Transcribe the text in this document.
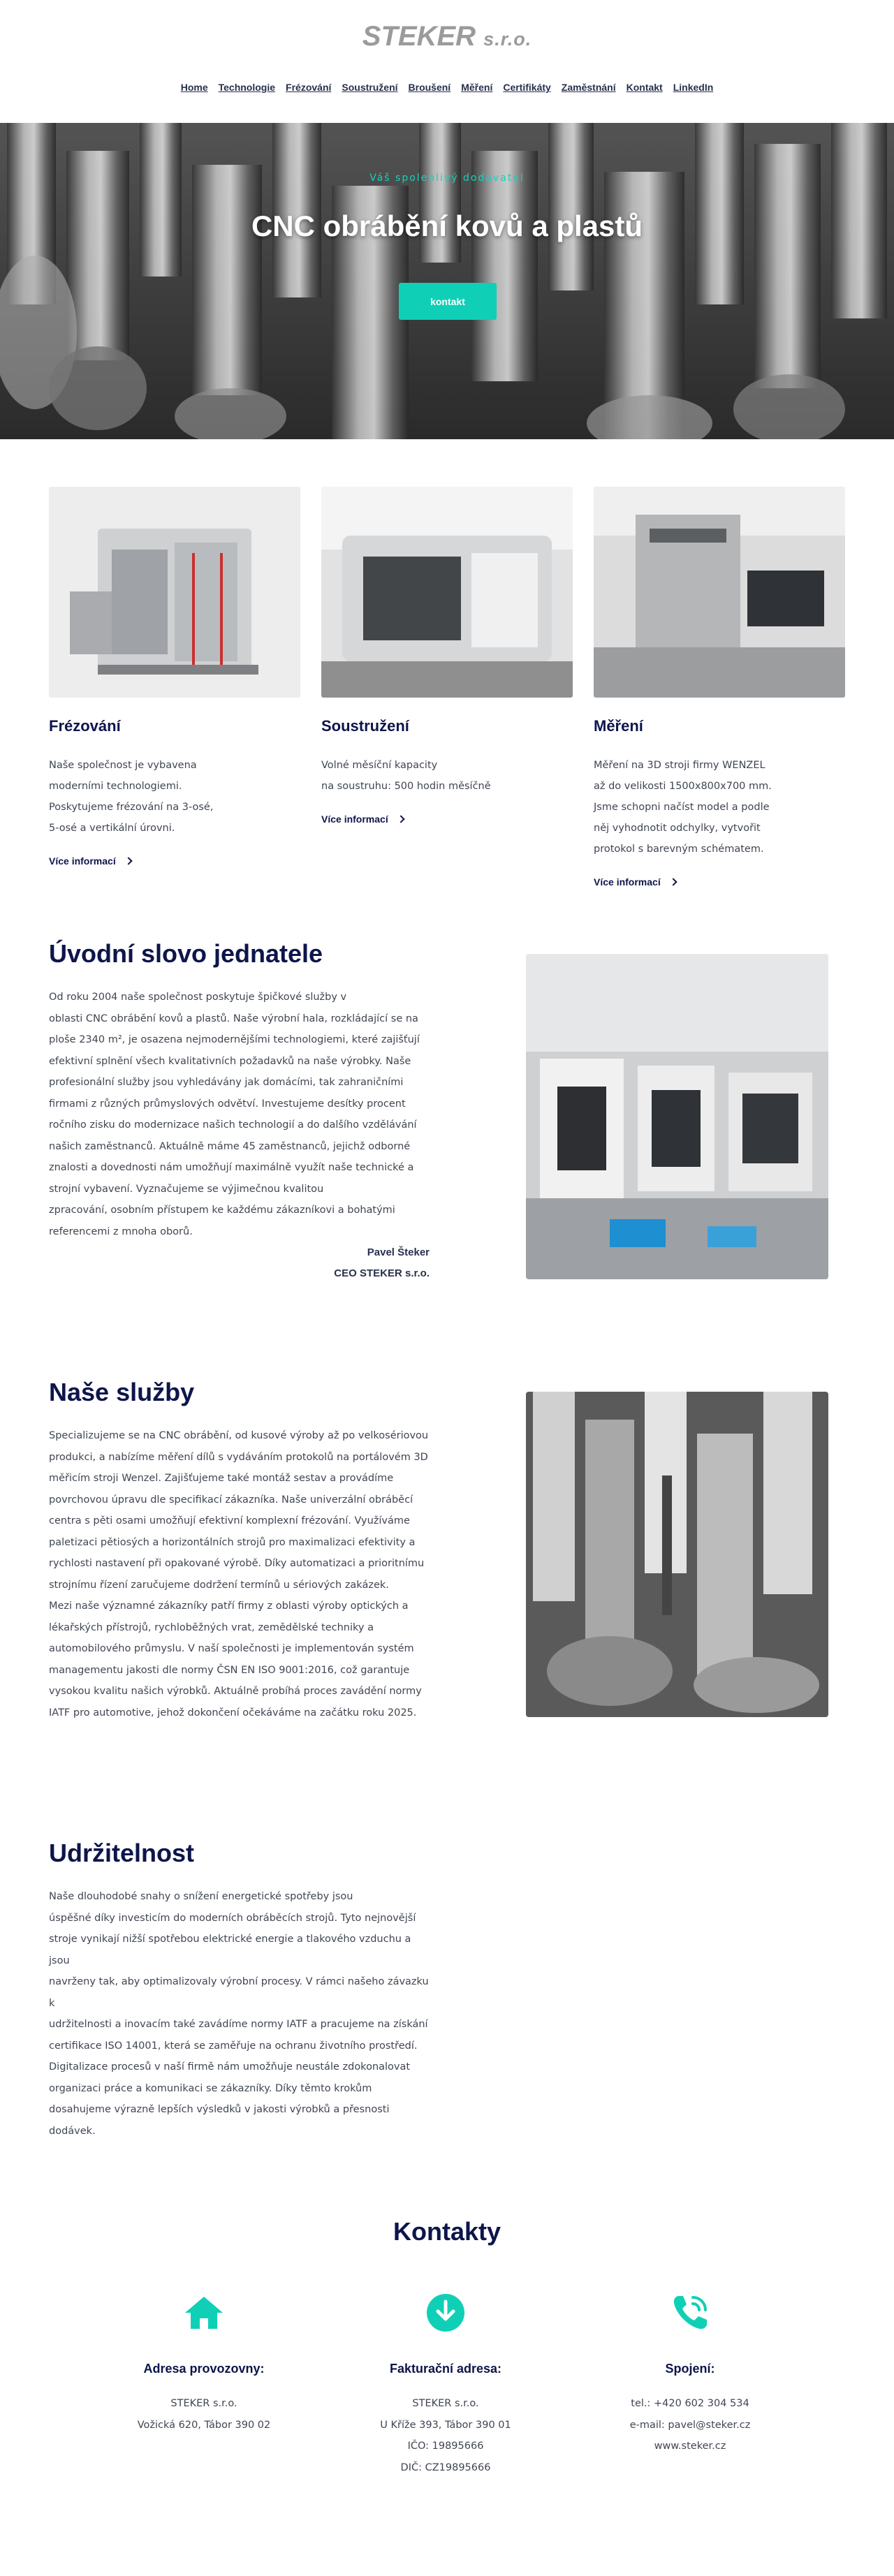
STEKER s.r.o.
Home Technologie Frézování Soustružení Broušení Měření Certifikáty Zaměstnání Kontakt LinkedIn
Váš spolehlivý dodavatel
CNC obrábění kovů a plastů
kontakt
Frézování
Naše společnost je vybavena
moderními technologiemi.
Poskytujeme frézování na 3-osé,
5-osé a vertikální úrovni.
Více informací
Soustružení
Volné měsíční kapacity
na soustruhu: 500 hodin měsíčně
Více informací
Měření
Měření na 3D stroji firmy WENZEL
až do velikosti 1500x800x700 mm.
Jsme schopni načíst model a podle
něj vyhodnotit odchylky, vytvořit
protokol s barevným schématem.
Více informací
Úvodní slovo jednatele
Od roku 2004 naše společnost poskytuje špičkové služby v
oblasti CNC obrábění kovů a plastů. Naše výrobní hala, rozkládající se na
ploše 2340 m², je osazena nejmodernějšími technologiemi, které zajišťují
efektivní splnění všech kvalitativních požadavků na naše výrobky. Naše
profesionální služby jsou vyhledávány jak domácími, tak zahraničními
firmami z různých průmyslových odvětví. Investujeme desítky procent
ročního zisku do modernizace našich technologií a do dalšího vzdělávání
našich zaměstnanců. Aktuálně máme 45 zaměstnanců, jejichž odborné
znalosti a dovednosti nám umožňují maximálně využít naše technické a
strojní vybavení. Vyznačujeme se výjimečnou kvalitou
zpracování, osobním přístupem ke každému zákazníkovi a bohatými
referencemi z mnoha oborů.
Pavel Šteker
CEO STEKER s.r.o.
Naše služby
Specializujeme se na CNC obrábění, od kusové výroby až po velkosériovou
produkci, a nabízíme měření dílů s vydáváním protokolů na portálovém 3D
měřicím stroji Wenzel. Zajišťujeme také montáž sestav a provádíme
povrchovou úpravu dle specifikací zákazníka. Naše univerzální obráběcí
centra s pěti osami umožňují efektivní komplexní frézování. Využíváme
paletizaci pětiosých a horizontálních strojů pro maximalizaci efektivity a
rychlosti nastavení při opakované výrobě. Díky automatizaci a prioritnímu
strojnímu řízení zaručujeme dodržení termínů u sériových zakázek.
Mezi naše významné zákazníky patří firmy z oblasti výroby optických a
lékařských přístrojů, rychloběžných vrat, zemědělské techniky a
automobilového průmyslu. V naší společnosti je implementován systém
managementu jakosti dle normy ČSN EN ISO 9001:2016, což garantuje
vysokou kvalitu našich výrobků. Aktuálně probíhá proces zavádění normy
IATF pro automotive, jehož dokončení očekáváme na začátku roku 2025.
Udržitelnost
Naše dlouhodobé snahy o snížení energetické spotřeby jsou
úspěšné díky investicím do moderních obráběcích strojů. Tyto nejnovější
stroje vynikají nižší spotřebou elektrické energie a tlakového vzduchu a jsou
navrženy tak, aby optimalizovaly výrobní procesy. V rámci našeho závazku k
udržitelnosti a inovacím také zavádíme normy IATF a pracujeme na získání
certifikace ISO 14001, která se zaměřuje na ochranu životního prostředí.
Digitalizace procesů v naší firmě nám umožňuje neustále zdokonalovat
organizaci práce a komunikaci se zákazníky. Díky těmto krokům
dosahujeme výrazně lepších výsledků v jakosti výrobků a přesnosti dodávek.
Kontakty
Adresa provozovny:
STEKER s.r.o.
Vožická 620, Tábor 390 02
Fakturační adresa:
STEKER s.r.o.
U Kříže 393, Tábor 390 01
IČO: 19895666
DIČ: CZ19895666
Spojení:
tel.: +420 602 304 534
e-mail: pavel@steker.cz
www.steker.cz
